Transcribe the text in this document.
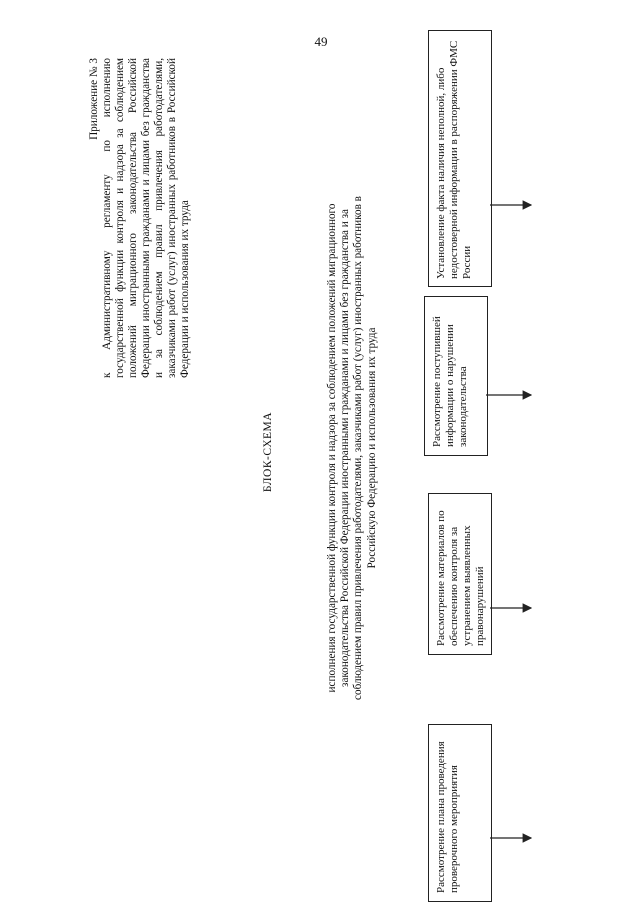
49
Приложение № 3 к Административному регламенту по исполнению государственной функции контроля и надзора за соблюдением положений миграционного законодательства Российской Федерации иностранными гражданами и лицами без гражданства и за соблюдением правил привлечения работодателями, заказчиками работ (услуг) иностранных работников в Российской Федерации и использования их труда
БЛОК-СХЕМА	исполнения государственной функции контроля и надзора за соблюдением положений миграционного законодательства Российской Федерации иностранными гражданами и лицами без гражданства и за соблюдением правил привлечения работодателями, заказчиками работ (услуг) иностранных работников в Российскую Федерацию и использования их труда
Установление факта наличия неполной, либо недостоверной информации в распоряжении ФМС России
Рассмотрение поступившей информации о нарушении законодательства
Рассмотрение материалов по обеспечению контроля за устранением выявленных правонарушений
Рассмотрение плана проведения проверочного мероприятия
